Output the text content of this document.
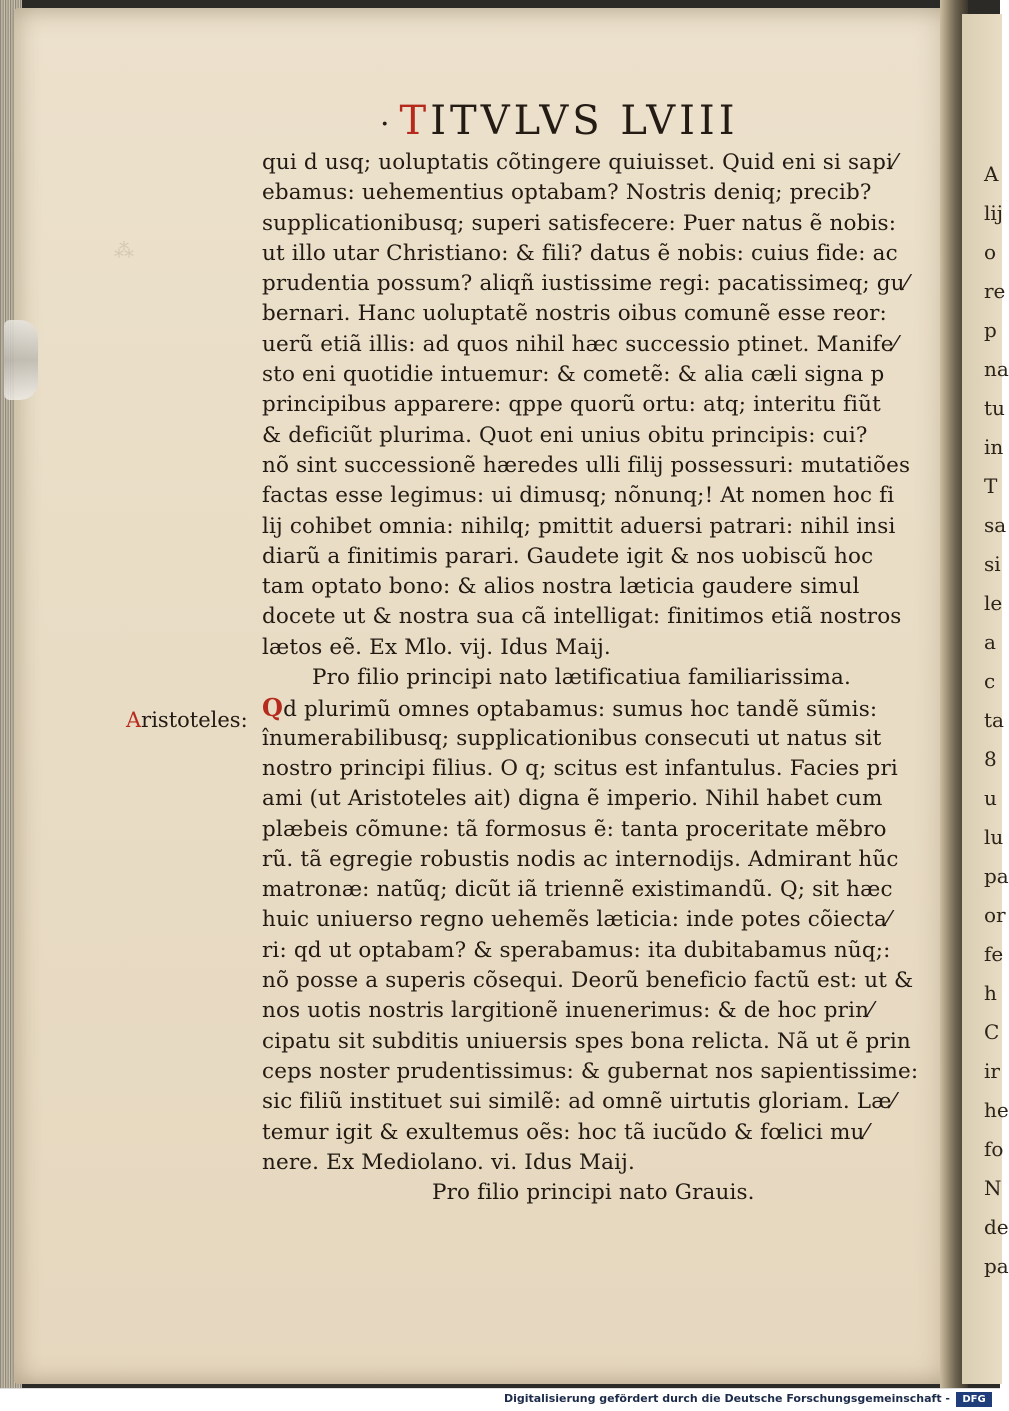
⁂
A
lij
o
re
p
na
tu
in
T
sa
si
le
a
c
ta
8
u
lu
pa
or
fe
h
C
ir
he
fo
N
de
pa
· TITVLVS LVIII
Aristoteles:
qui d usq; uoluptatis cõtingere quiuisset. Quid eni si sapi⁄
ebamus: uehementius optabam? Nostris deniq; precib?
supplicationibusq; superi satisfecere: Puer natus ẽ nobis:
ut illo utar Christiano: & fili? datus ẽ nobis: cuius fide: ac
prudentia possum? aliqñ iustissime regi: pacatissimeq; gu⁄
bernari. Hanc uoluptatẽ nostris oibus comunẽ esse reor:
uerũ etiã illis: ad quos nihil hæc successio ptinet. Manife⁄
sto eni quotidie intuemur: & cometẽ: & alia cæli signa p
principibus apparere: qppe quorũ ortu: atq; interitu fiũt
& deficiũt plurima. Quot eni unius obitu principis: cui?
nõ sint successionẽ hæredes ulli filij possessuri: mutatiões
factas esse legimus: ui dimusq; nõnunq;! At nomen hoc fi
lij cohibet omnia: nihilq; pmittit aduersi patrari: nihil insi
diarũ a finitimis parari. Gaudete igit & nos uobiscũ hoc
tam optato bono: & alios nostra læticia gaudere simul
docete ut & nostra sua cã intelligat: finitimos etiã nostros
lætos eẽ. Ex Mlo. vij. Idus Maij.
Pro filio principi nato lætificatiua familiarissima.
Qd plurimũ omnes optabamus: sumus hoc tandẽ sũmis:
înumerabilibusq; supplicationibus consecuti ut natus sit
nostro principi filius. O q; scitus est infantulus. Facies pri
ami (ut Aristoteles ait) digna ẽ imperio. Nihil habet cum
plæbeis cõmune: tã formosus ẽ: tanta proceritate mẽbro
rũ. tã egregie robustis nodis ac internodijs. Admirant hũc
matronæ: natũq; dicũt iã triennẽ existimandũ. Q; sit hæc
huic uniuerso regno uehemẽs læticia: inde potes cõiecta⁄
ri: qd ut optabam? & sperabamus: ita dubitabamus nũq;:
nõ posse a superis cõsequi. Deorũ beneficio factũ est: ut &
nos uotis nostris largitionẽ inuenerimus: & de hoc prin⁄
cipatu sit subditis uniuersis spes bona relicta. Nã ut ẽ prin
ceps noster prudentissimus: & gubernat nos sapientissime:
sic filiũ instituet sui similẽ: ad omnẽ uirtutis gloriam. Læ⁄
temur igit & exultemus oẽs: hoc tã iucũdo & fœlici mu⁄
nere. Ex Mediolano. vi. Idus Maij.
Pro filio principi nato Grauis.
Digitalisierung gefördert durch die Deutsche Forschungsgemeinschaft -	DFG
